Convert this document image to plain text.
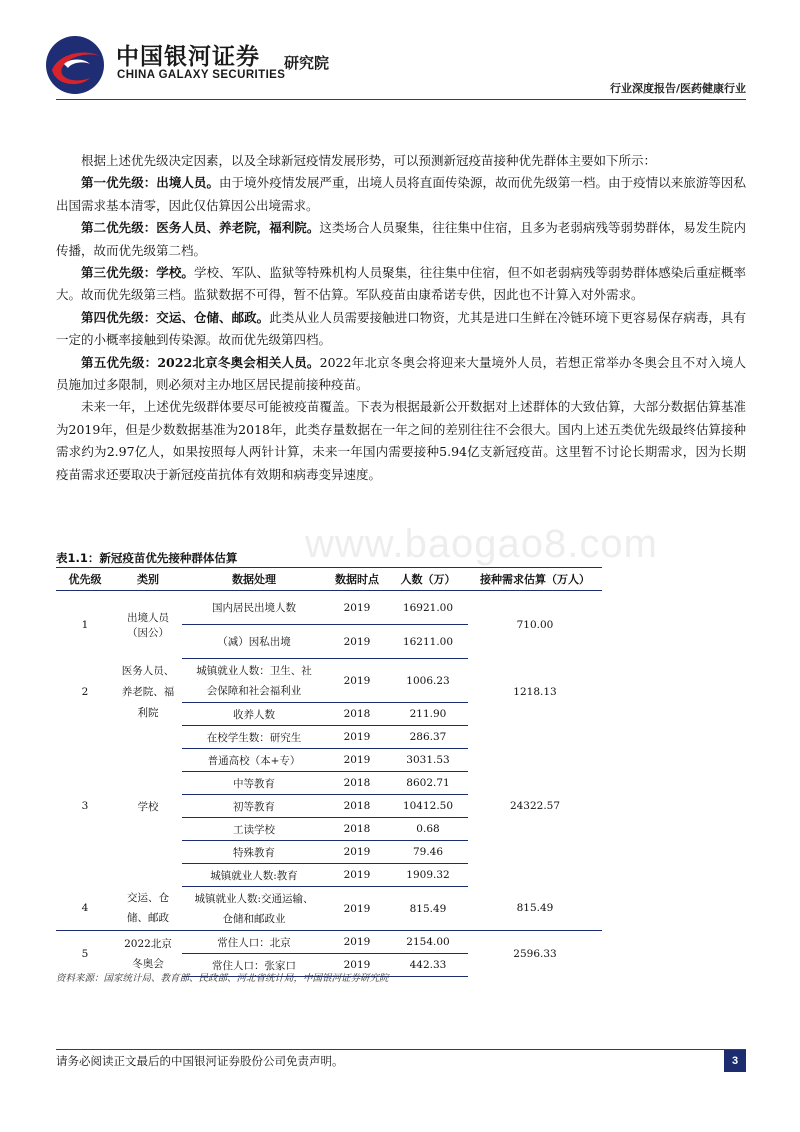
中国银河证券
CHINA GALAXY SECURITIES
研究院
行业深度报告/医药健康行业

根据上述优先级决定因素，以及全球新冠疫情发展形势，可以预测新冠疫苗接种优先群体主要如下所示：

第一优先级：出境人员。由于境外疫情发展严重，出境人员将直面传染源，故而优先级第一档。由于疫情以来旅游等因私出国需求基本清零，因此仅估算因公出境需求。

第二优先级：医务人员、养老院，福利院。这类场合人员聚集，往往集中住宿，且多为老弱病残等弱势群体，易发生院内传播，故而优先级第二档。

第三优先级：学校。学校、军队、监狱等特殊机构人员聚集，往往集中住宿，但不如老弱病残等弱势群体感染后重症概率大。故而优先级第三档。监狱数据不可得，暂不估算。军队疫苗由康希诺专供，因此也不计算入对外需求。

第四优先级：交运、仓储、邮政。此类从业人员需要接触进口物资，尤其是进口生鲜在冷链环境下更容易保存病毒，具有一定的小概率接触到传染源。故而优先级第四档。

第五优先级：2022北京冬奥会相关人员。2022年北京冬奥会将迎来大量境外人员，若想正常举办冬奥会且不对入境人员施加过多限制，则必须对主办地区居民提前接种疫苗。

未来一年，上述优先级群体要尽可能被疫苗覆盖。下表为根据最新公开数据对上述群体的大致估算，大部分数据估算基准为2019年，但是少数数据基准为2018年，此类存量数据在一年之间的差别往往不会很大。国内上述五类优先级最终估算接种需求约为2.97亿人，如果按照每人两针计算，未来一年国内需要接种5.94亿支新冠疫苗。这里暂不讨论长期需求，因为长期疫苗需求还要取决于新冠疫苗抗体有效期和病毒变异速度。

www.baogao8.com
表1.1：新冠疫苗优先接种群体估算
优先级	类别	数据处理	数据时点	人数（万）	接种需求估算（万人）
1	出境人员（因公）	国内居民出境人数	2019	16921.00	710.00
		（减）因私出境	2019	16211.00	
2	医务人员、养老院、福利院	城镇就业人数：卫生、社会保障和社会福利业	2019	1006.23	1218.13
		收养人数	2018	211.90	
3	学校	在校学生数：研究生	2019	286.37	24322.57
		普通高校（本+专）	2019	3031.53	
		中等教育	2018	8602.71	
		初等教育	2018	10412.50	
		工读学校	2018	0.68	
		特殊教育	2019	79.46	
		城镇就业人数:教育	2019	1909.32	
4	交运、仓储、邮政	城镇就业人数:交通运输、仓储和邮政业	2019	815.49	815.49
5	2022北京冬奥会	常住人口：北京	2019	2154.00	2596.33
		常住人口：张家口	2019	442.33	
资料来源：国家统计局、教育部、民政部、河北省统计局，中国银河证券研究院
请务必阅读正文最后的中国银河证券股份公司免责声明。	3
